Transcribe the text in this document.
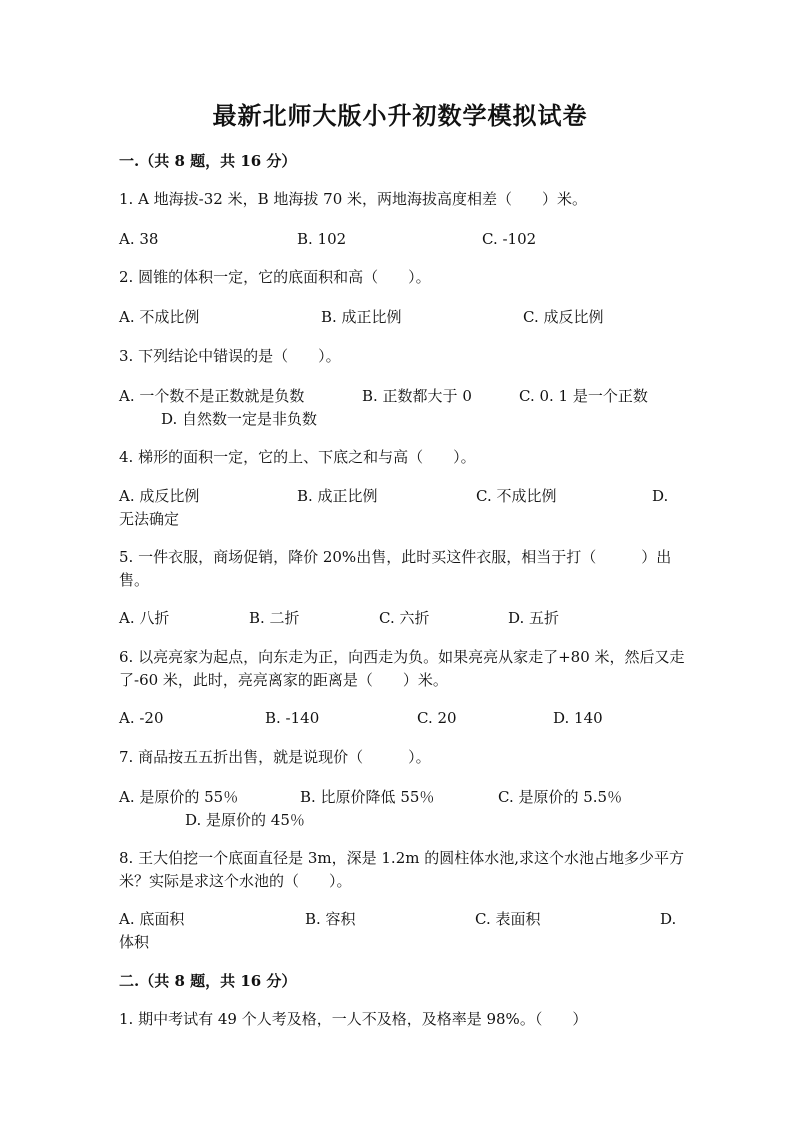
最新北师大版小升初数学模拟试卷
一.（共 8 题，共 16 分）
1. A 地海拔-32 米，B 地海拔 70 米，两地海拔高度相差（　　）米。
A. 38	B. 102	C. -102
2. 圆锥的体积一定，它的底面积和高（　　）。
A. 不成比例	B. 成正比例	C. 成反比例
3. 下列结论中错误的是（　　）。
A. 一个数不是正数就是负数	B. 正数都大于 0	C. 0. 1 是一个正数
D. 自然数一定是非负数
4. 梯形的面积一定，它的上、下底之和与高（　　）。
A. 成反比例	B. 成正比例	C. 不成比例	D.
无法确定
5. 一件衣服，商场促销，降价 20%出售，此时买这件衣服，相当于打（　　　）出售。
A. 八折	B. 二折	C. 六折	D. 五折
6. 以亮亮家为起点，向东走为正，向西走为负。如果亮亮从家走了+80 米，然后又走了-60 米，此时，亮亮离家的距离是（　　）米。
A. -20	B. -140	C. 20	D. 140
7. 商品按五五折出售，就是说现价（　　　）。
A. 是原价的 55％	B. 比原价降低 55％	C. 是原价的 5.5％
D. 是原价的 45％
8. 王大伯挖一个底面直径是 3m，深是 1.2m 的圆柱体水池,求这个水池占地多少平方米？实际是求这个水池的（　　）。
A. 底面积	B. 容积	C. 表面积	D.
体积
二.（共 8 题，共 16 分）
1. 期中考试有 49 个人考及格，一人不及格，及格率是 98%。（　　）
